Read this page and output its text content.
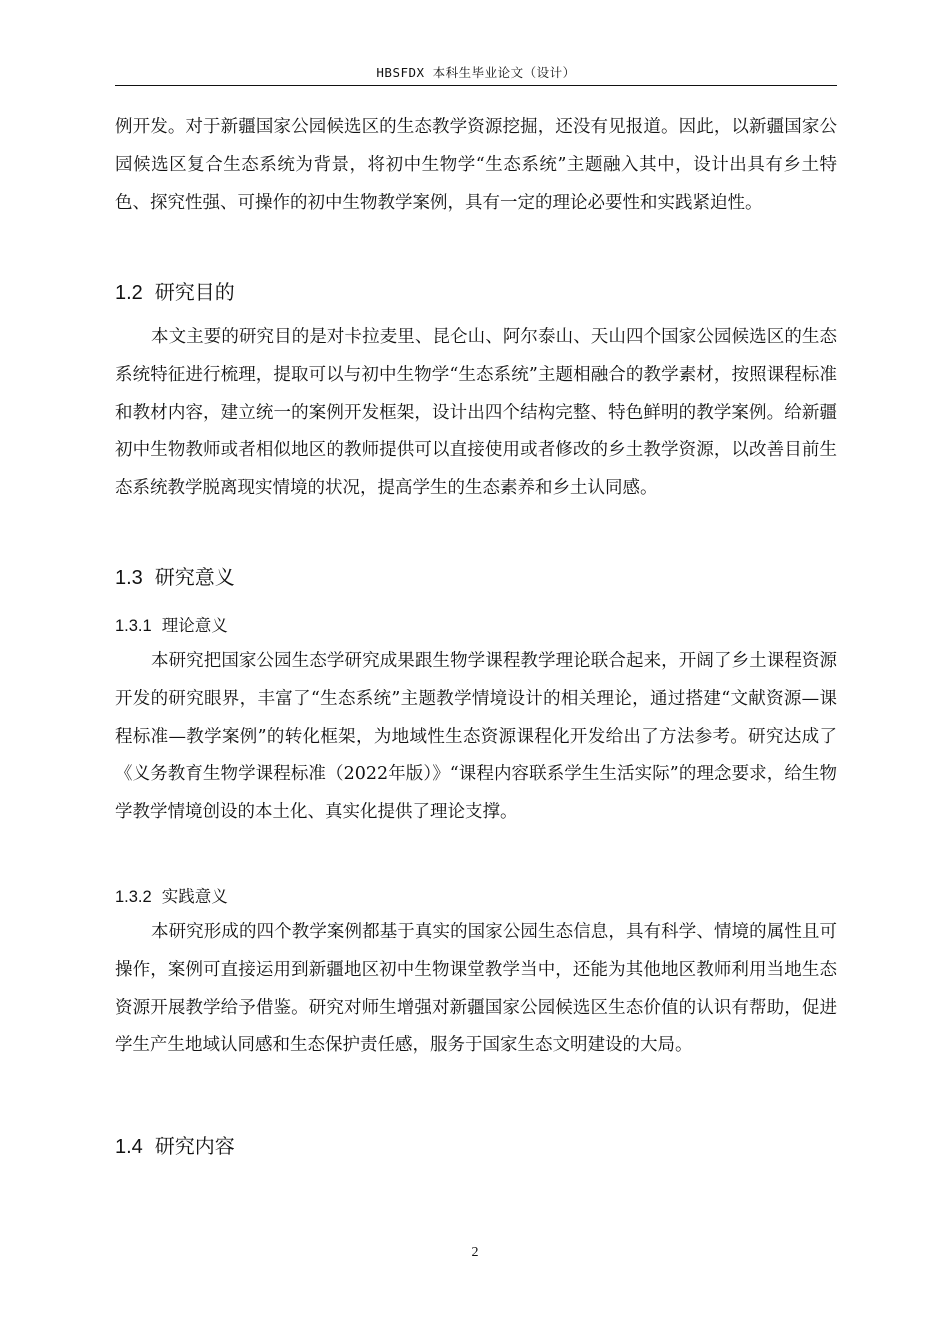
HBSFDX 本科生毕业论文（设计）

例开发。对于新疆国家公园候选区的生态教学资源挖掘，还没有见报道。因此，以新疆国家公园候选区复合生态系统为背景，将初中生物学“生态系统”主题融入其中，设计出具有乡土特色、探究性强、可操作的初中生物教学案例，具有一定的理论必要性和实践紧迫性。

1.2 研究目的

本文主要的研究目的是对卡拉麦里、昆仑山、阿尔泰山、天山四个国家公园候选区的生态系统特征进行梳理，提取可以与初中生物学“生态系统”主题相融合的教学素材，按照课程标准和教材内容，建立统一的案例开发框架，设计出四个结构完整、特色鲜明的教学案例。给新疆初中生物教师或者相似地区的教师提供可以直接使用或者修改的乡土教学资源，以改善目前生态系统教学脱离现实情境的状况，提高学生的生态素养和乡土认同感。

1.3 研究意义
1.3.1 理论意义

本研究把国家公园生态学研究成果跟生物学课程教学理论联合起来，开阔了乡土课程资源开发的研究眼界，丰富了“生态系统”主题教学情境设计的相关理论，通过搭建“文献资源—课程标准—教学案例”的转化框架，为地域性生态资源课程化开发给出了方法参考。研究达成了《义务教育生物学课程标准（2022年版）》“课程内容联系学生生活实际”的理念要求，给生物学教学情境创设的本土化、真实化提供了理论支撑。

1.3.2 实践意义

本研究形成的四个教学案例都基于真实的国家公园生态信息，具有科学、情境的属性且可操作，案例可直接运用到新疆地区初中生物课堂教学当中，还能为其他地区教师利用当地生态资源开展教学给予借鉴。研究对师生增强对新疆国家公园候选区生态价值的认识有帮助，促进学生产生地域认同感和生态保护责任感，服务于国家生态文明建设的大局。

1.4 研究内容
2
